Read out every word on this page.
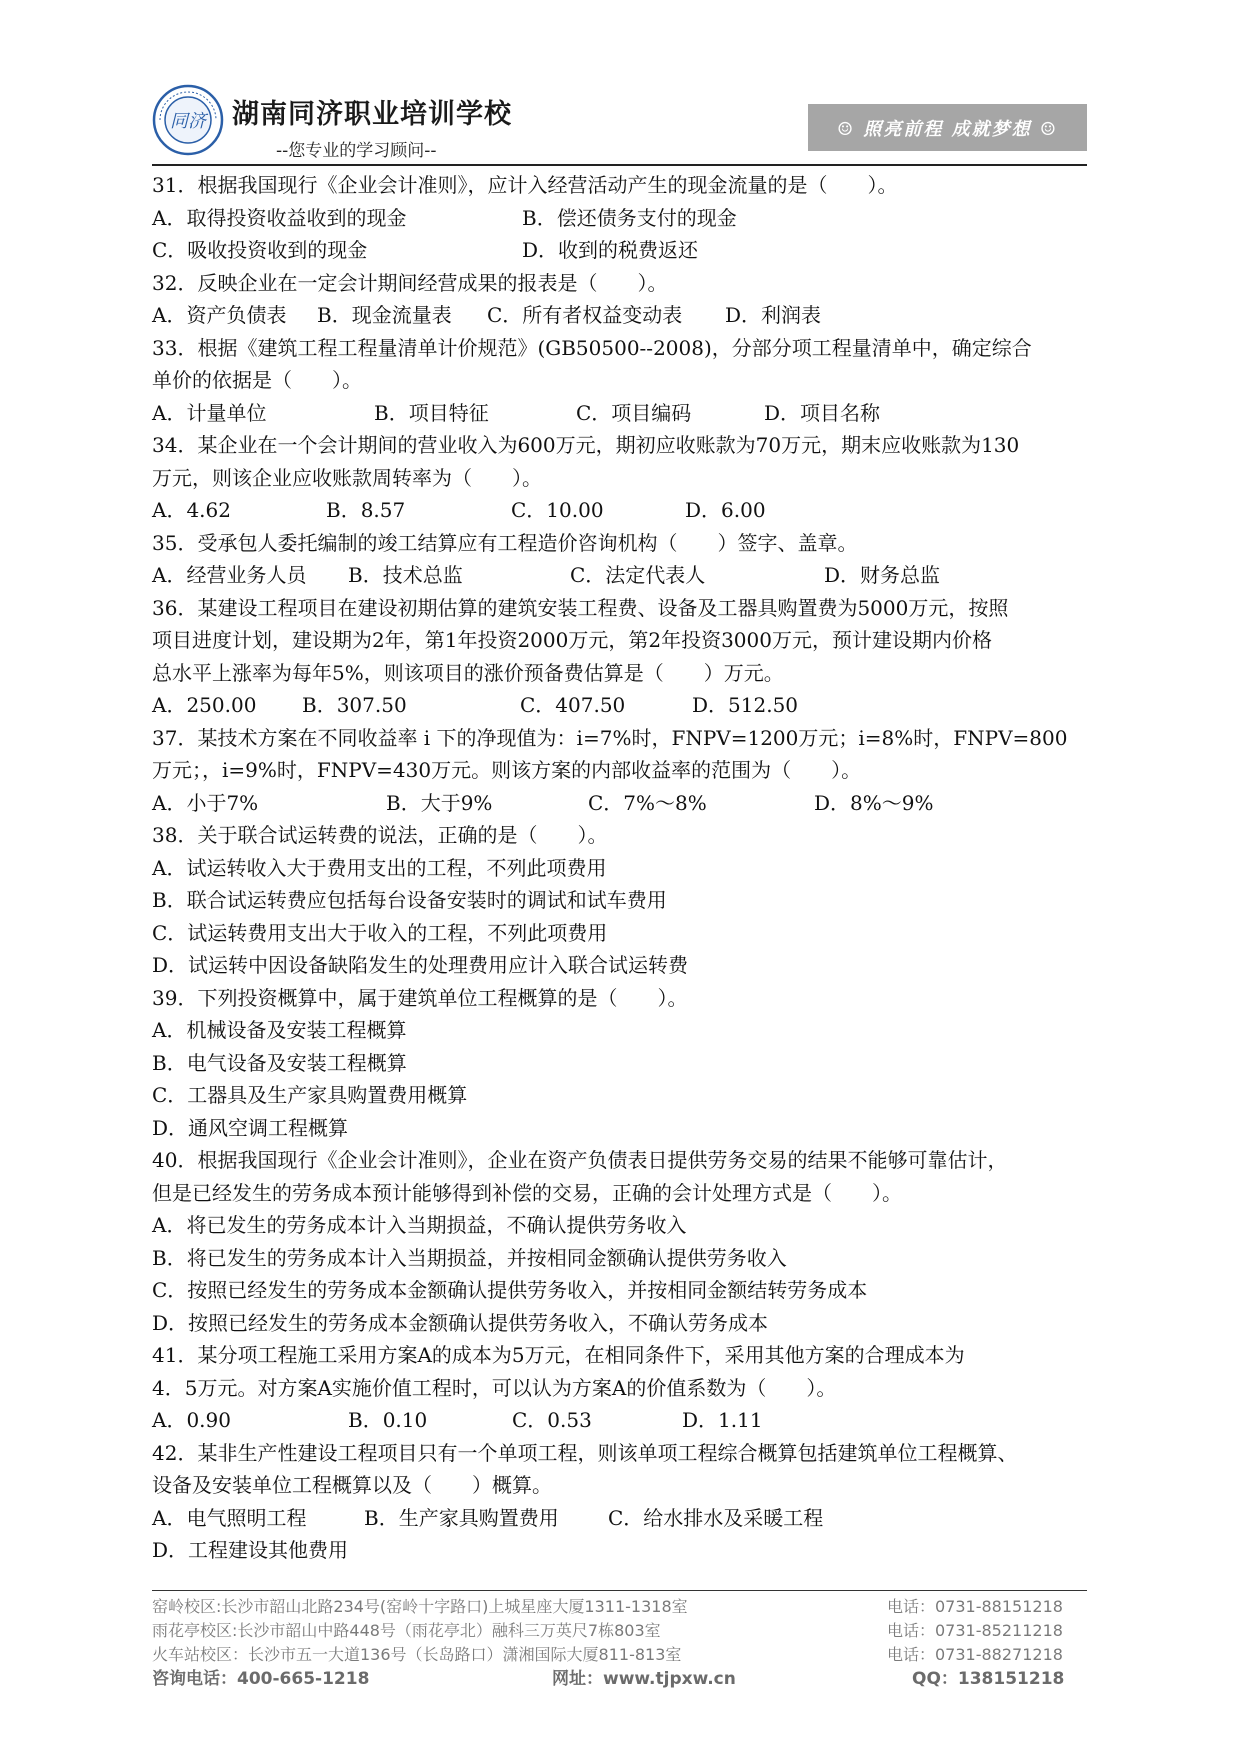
同济 湖南同济职业培训学校
--您专业的学习顾问--
☺ 照亮前程 成就梦想 ☺
31．根据我国现行《企业会计准则》，应计入经营活动产生的现金流量的是（　　）。
A．取得投资收益收到的现金	B．偿还债务支付的现金
C．吸收投资收到的现金	D．收到的税费返还
32．反映企业在一定会计期间经营成果的报表是（　　）。
A．资产负债表	B．现金流量表	C．所有者权益变动表	D．利润表
33．根据《建筑工程工程量清单计价规范》(GB50500--2008)，分部分项工程量清单中，确定综合
单价的依据是（　　）。
A．计量单位	B．项目特征	C．项目编码	D．项目名称
34．某企业在一个会计期间的营业收入为600万元，期初应收账款为70万元，期末应收账款为130
万元，则该企业应收账款周转率为（　　）。
A．4.62	B．8.57	C．10.00	D．6.00
35．受承包人委托编制的竣工结算应有工程造价咨询机构（　　）签字、盖章。
A．经营业务人员	B．技术总监	C．法定代表人	D．财务总监
36．某建设工程项目在建设初期估算的建筑安装工程费、设备及工器具购置费为5000万元，按照
项目进度计划，建设期为2年，第1年投资2000万元，第2年投资3000万元，预计建设期内价格
总水平上涨率为每年5%，则该项目的涨价预备费估算是（　　）万元。
A．250.00	B．307.50	C．407.50	D．512.50
37．某技术方案在不同收益率 i 下的净现值为：i=7%时，FNPV=1200万元；i=8%时，FNPV=800
万元；，i=9%时，FNPV=430万元。则该方案的内部收益率的范围为（　　）。
A．小于7%	B．大于9%	C．7%～8%	D．8%～9%
38．关于联合试运转费的说法，正确的是（　　）。
A．试运转收入大于费用支出的工程，不列此项费用
B．联合试运转费应包括每台设备安装时的调试和试车费用
C．试运转费用支出大于收入的工程，不列此项费用
D．试运转中因设备缺陷发生的处理费用应计入联合试运转费
39．下列投资概算中，属于建筑单位工程概算的是（　　）。
A．机械设备及安装工程概算
B．电气设备及安装工程概算
C．工器具及生产家具购置费用概算
D．通风空调工程概算
40．根据我国现行《企业会计准则》，企业在资产负债表日提供劳务交易的结果不能够可靠估计，
但是已经发生的劳务成本预计能够得到补偿的交易，正确的会计处理方式是（　　）。
A．将已发生的劳务成本计入当期损益，不确认提供劳务收入
B．将已发生的劳务成本计入当期损益，并按相同金额确认提供劳务收入
C．按照已经发生的劳务成本金额确认提供劳务收入，并按相同金额结转劳务成本
D．按照已经发生的劳务成本金额确认提供劳务收入，不确认劳务成本
41．某分项工程施工采用方案A的成本为5万元，在相同条件下，采用其他方案的合理成本为
4．5万元。对方案A实施价值工程时，可以认为方案A的价值系数为（　　）。
A．0.90	B．0.10	C．0.53	D．1.11
42．某非生产性建设工程项目只有一个单项工程，则该单项工程综合概算包括建筑单位工程概算、
设备及安装单位工程概算以及（　　）概算。
A．电气照明工程	B．生产家具购置费用	C．给水排水及采暖工程
D．工程建设其他费用
窑岭校区:长沙市韶山北路234号(窑岭十字路口)上城星座大厦1311-1318室	电话：0731-88151218
雨花亭校区:长沙市韶山中路448号（雨花亭北）融科三万英尺7栋803室	电话：0731-85211218
火车站校区：长沙市五一大道136号（长岛路口）潇湘国际大厦811-813室	电话：0731-88271218
咨询电话：400-665-1218	网址：www.tjpxw.cn	QQ：138151218
